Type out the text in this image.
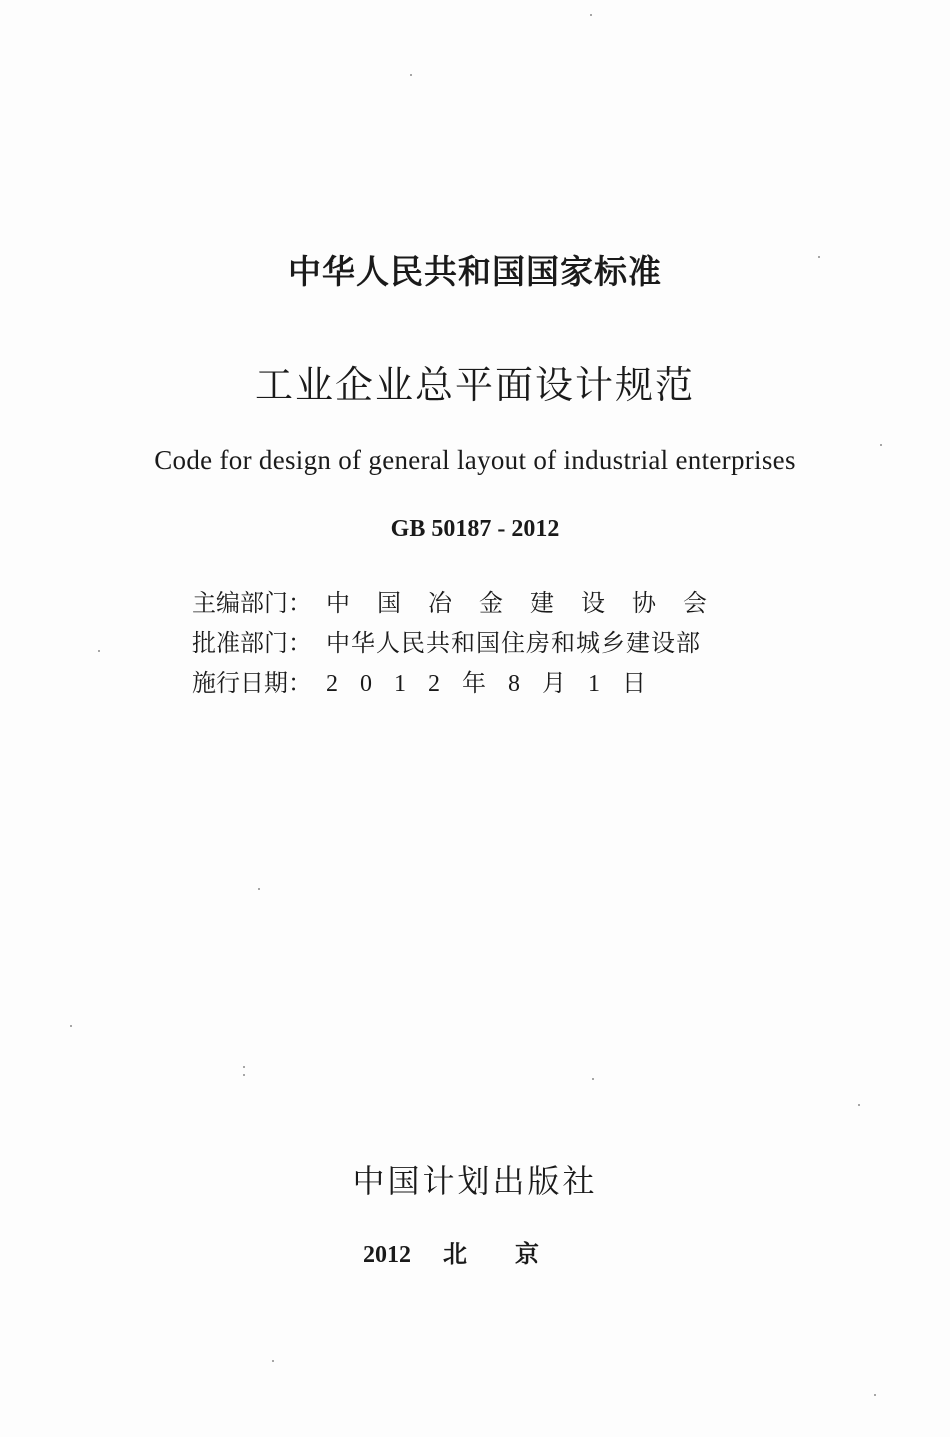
中华人民共和国国家标准
工业企业总平面设计规范
Code for design of general layout of industrial enterprises
GB 50187 - 2012
主编部门： 中国冶金建设协会
批准部门： 中华人民共和国住房和城乡建设部
施行日期： 2012年8月1日
中国计划出版社
2012 北京
